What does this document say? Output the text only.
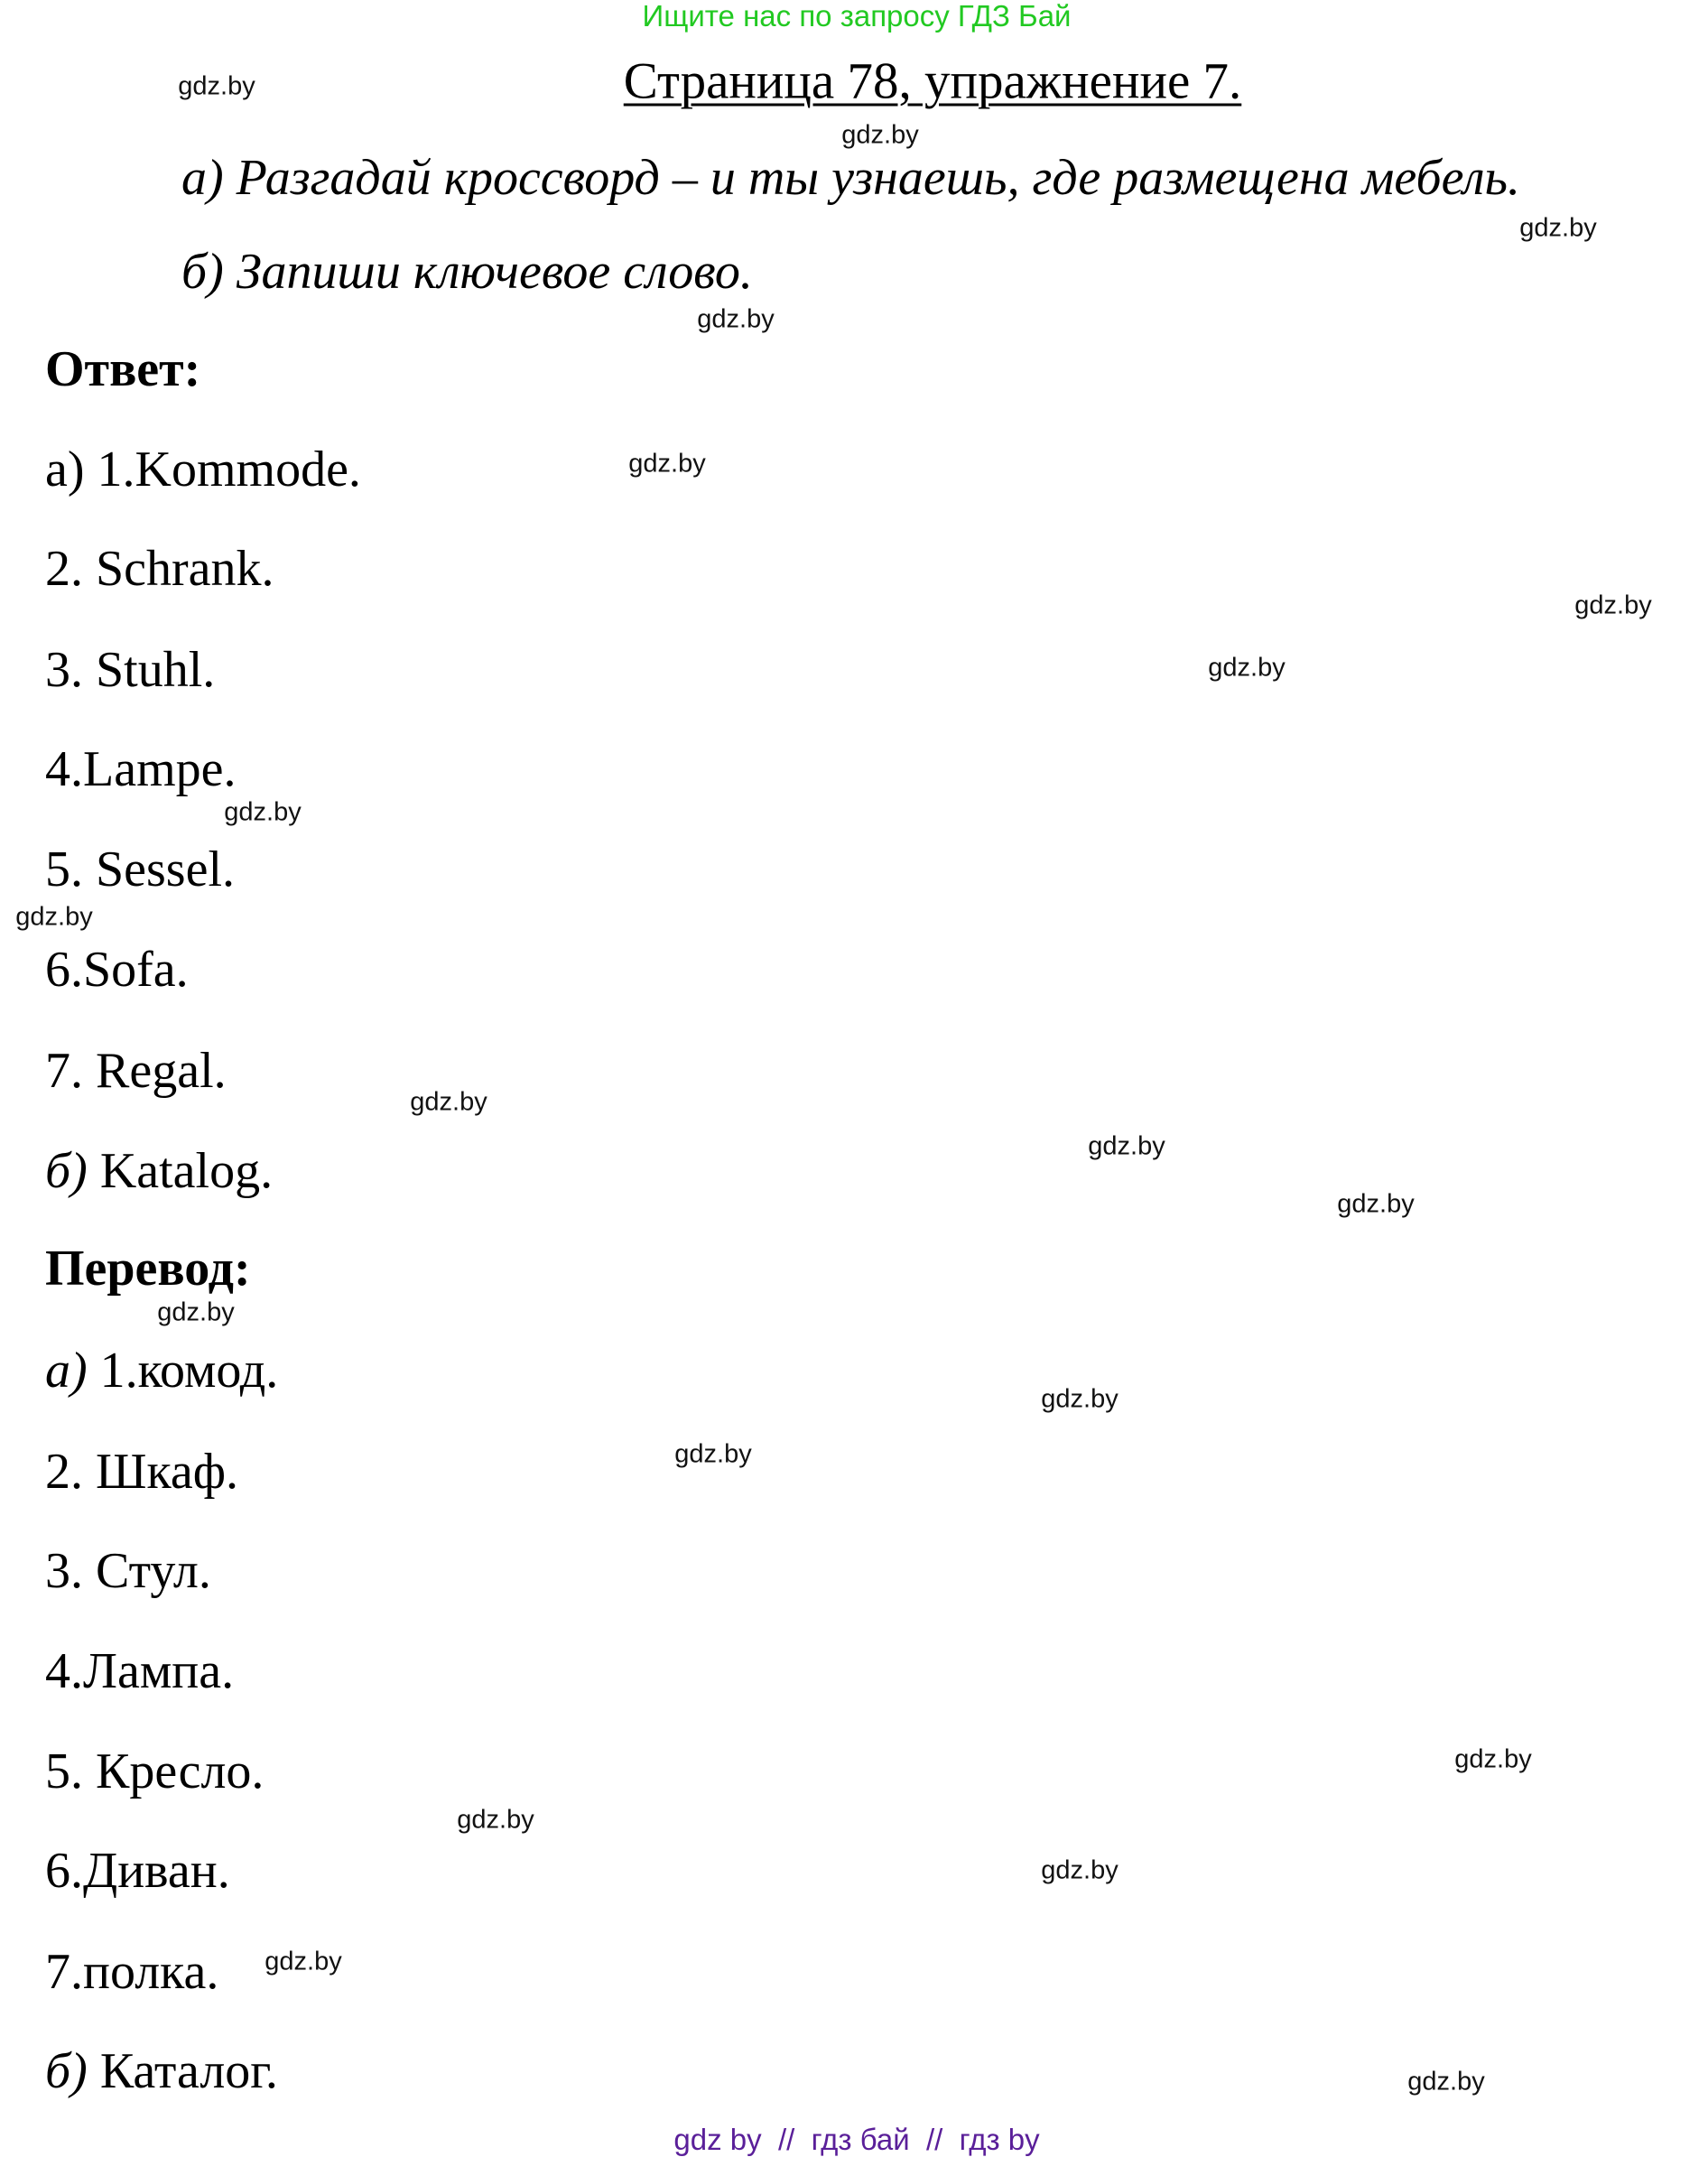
Ищите нас по запросу ГДЗ Бай
Страница 78, упражнение 7.
а) Разгадай кроссворд – и ты узнаешь, где размещена мебель.
б) Запиши ключевое слово.
Ответ:
а) 1.Kommode.
2. Schrank.
3. Stuhl.
4.Lampe.
5. Sessel.
6.Sofa.
7. Regal.
б) Katalog.
Перевод:
а) 1.комод.
2. Шкаф.
3. Стул.
4.Лампа.
5. Кресло.
6.Диван.
7.полка.
б) Каталог.
gdz.by
gdz.by
gdz.by
gdz.by
gdz.by
gdz.by
gdz.by
gdz.by
gdz.by
gdz.by
gdz.by
gdz.by
gdz.by
gdz.by
gdz.by
gdz.by
gdz.by
gdz.by
gdz.by
gdz.by
gdz by  //  гдз бай  //  гдз by
